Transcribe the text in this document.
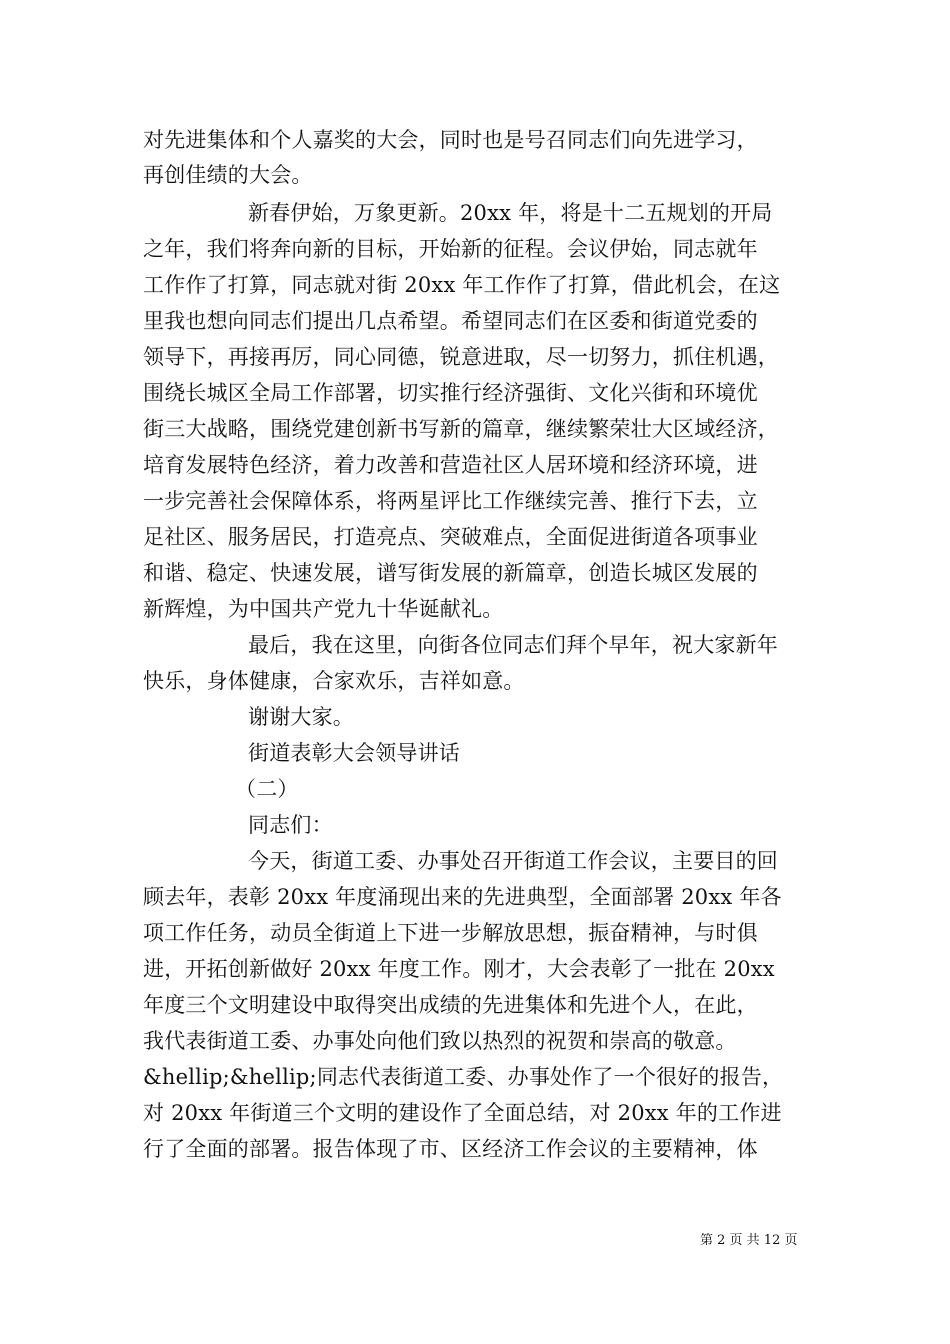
对先进集体和个人嘉奖的大会，同时也是号召同志们向先进学习，
再创佳绩的大会。
新春伊始，万象更新。20xx 年，将是十二五规划的开局
之年，我们将奔向新的目标，开始新的征程。会议伊始，同志就年
工作作了打算，同志就对街 20xx 年工作作了打算，借此机会，在这
里我也想向同志们提出几点希望。希望同志们在区委和街道党委的
领导下，再接再厉，同心同德，锐意进取，尽一切努力，抓住机遇，
围绕长城区全局工作部署，切实推行经济强街、文化兴街和环境优
街三大战略，围绕党建创新书写新的篇章，继续繁荣壮大区域经济，
培育发展特色经济，着力改善和营造社区人居环境和经济环境，进
一步完善社会保障体系，将两星评比工作继续完善、推行下去，立
足社区、服务居民，打造亮点、突破难点，全面促进街道各项事业
和谐、稳定、快速发展，谱写街发展的新篇章，创造长城区发展的
新辉煌，为中国共产党九十华诞献礼。
最后，我在这里，向街各位同志们拜个早年，祝大家新年
快乐，身体健康，合家欢乐，吉祥如意。
谢谢大家。
街道表彰大会领导讲话
（二）
同志们：
今天，街道工委、办事处召开街道工作会议，主要目的回
顾去年，表彰 20xx 年度涌现出来的先进典型，全面部署 20xx 年各
项工作任务，动员全街道上下进一步解放思想，振奋精神，与时俱
进，开拓创新做好 20xx 年度工作。刚才，大会表彰了一批在 20xx
年度三个文明建设中取得突出成绩的先进集体和先进个人，在此，
我代表街道工委、办事处向他们致以热烈的祝贺和崇高的敬意。
&hellip;&hellip;同志代表街道工委、办事处作了一个很好的报告，
对 20xx 年街道三个文明的建设作了全面总结，对 20xx 年的工作进
行了全面的部署。报告体现了市、区经济工作会议的主要精神，体
第 2 页 共 12 页
